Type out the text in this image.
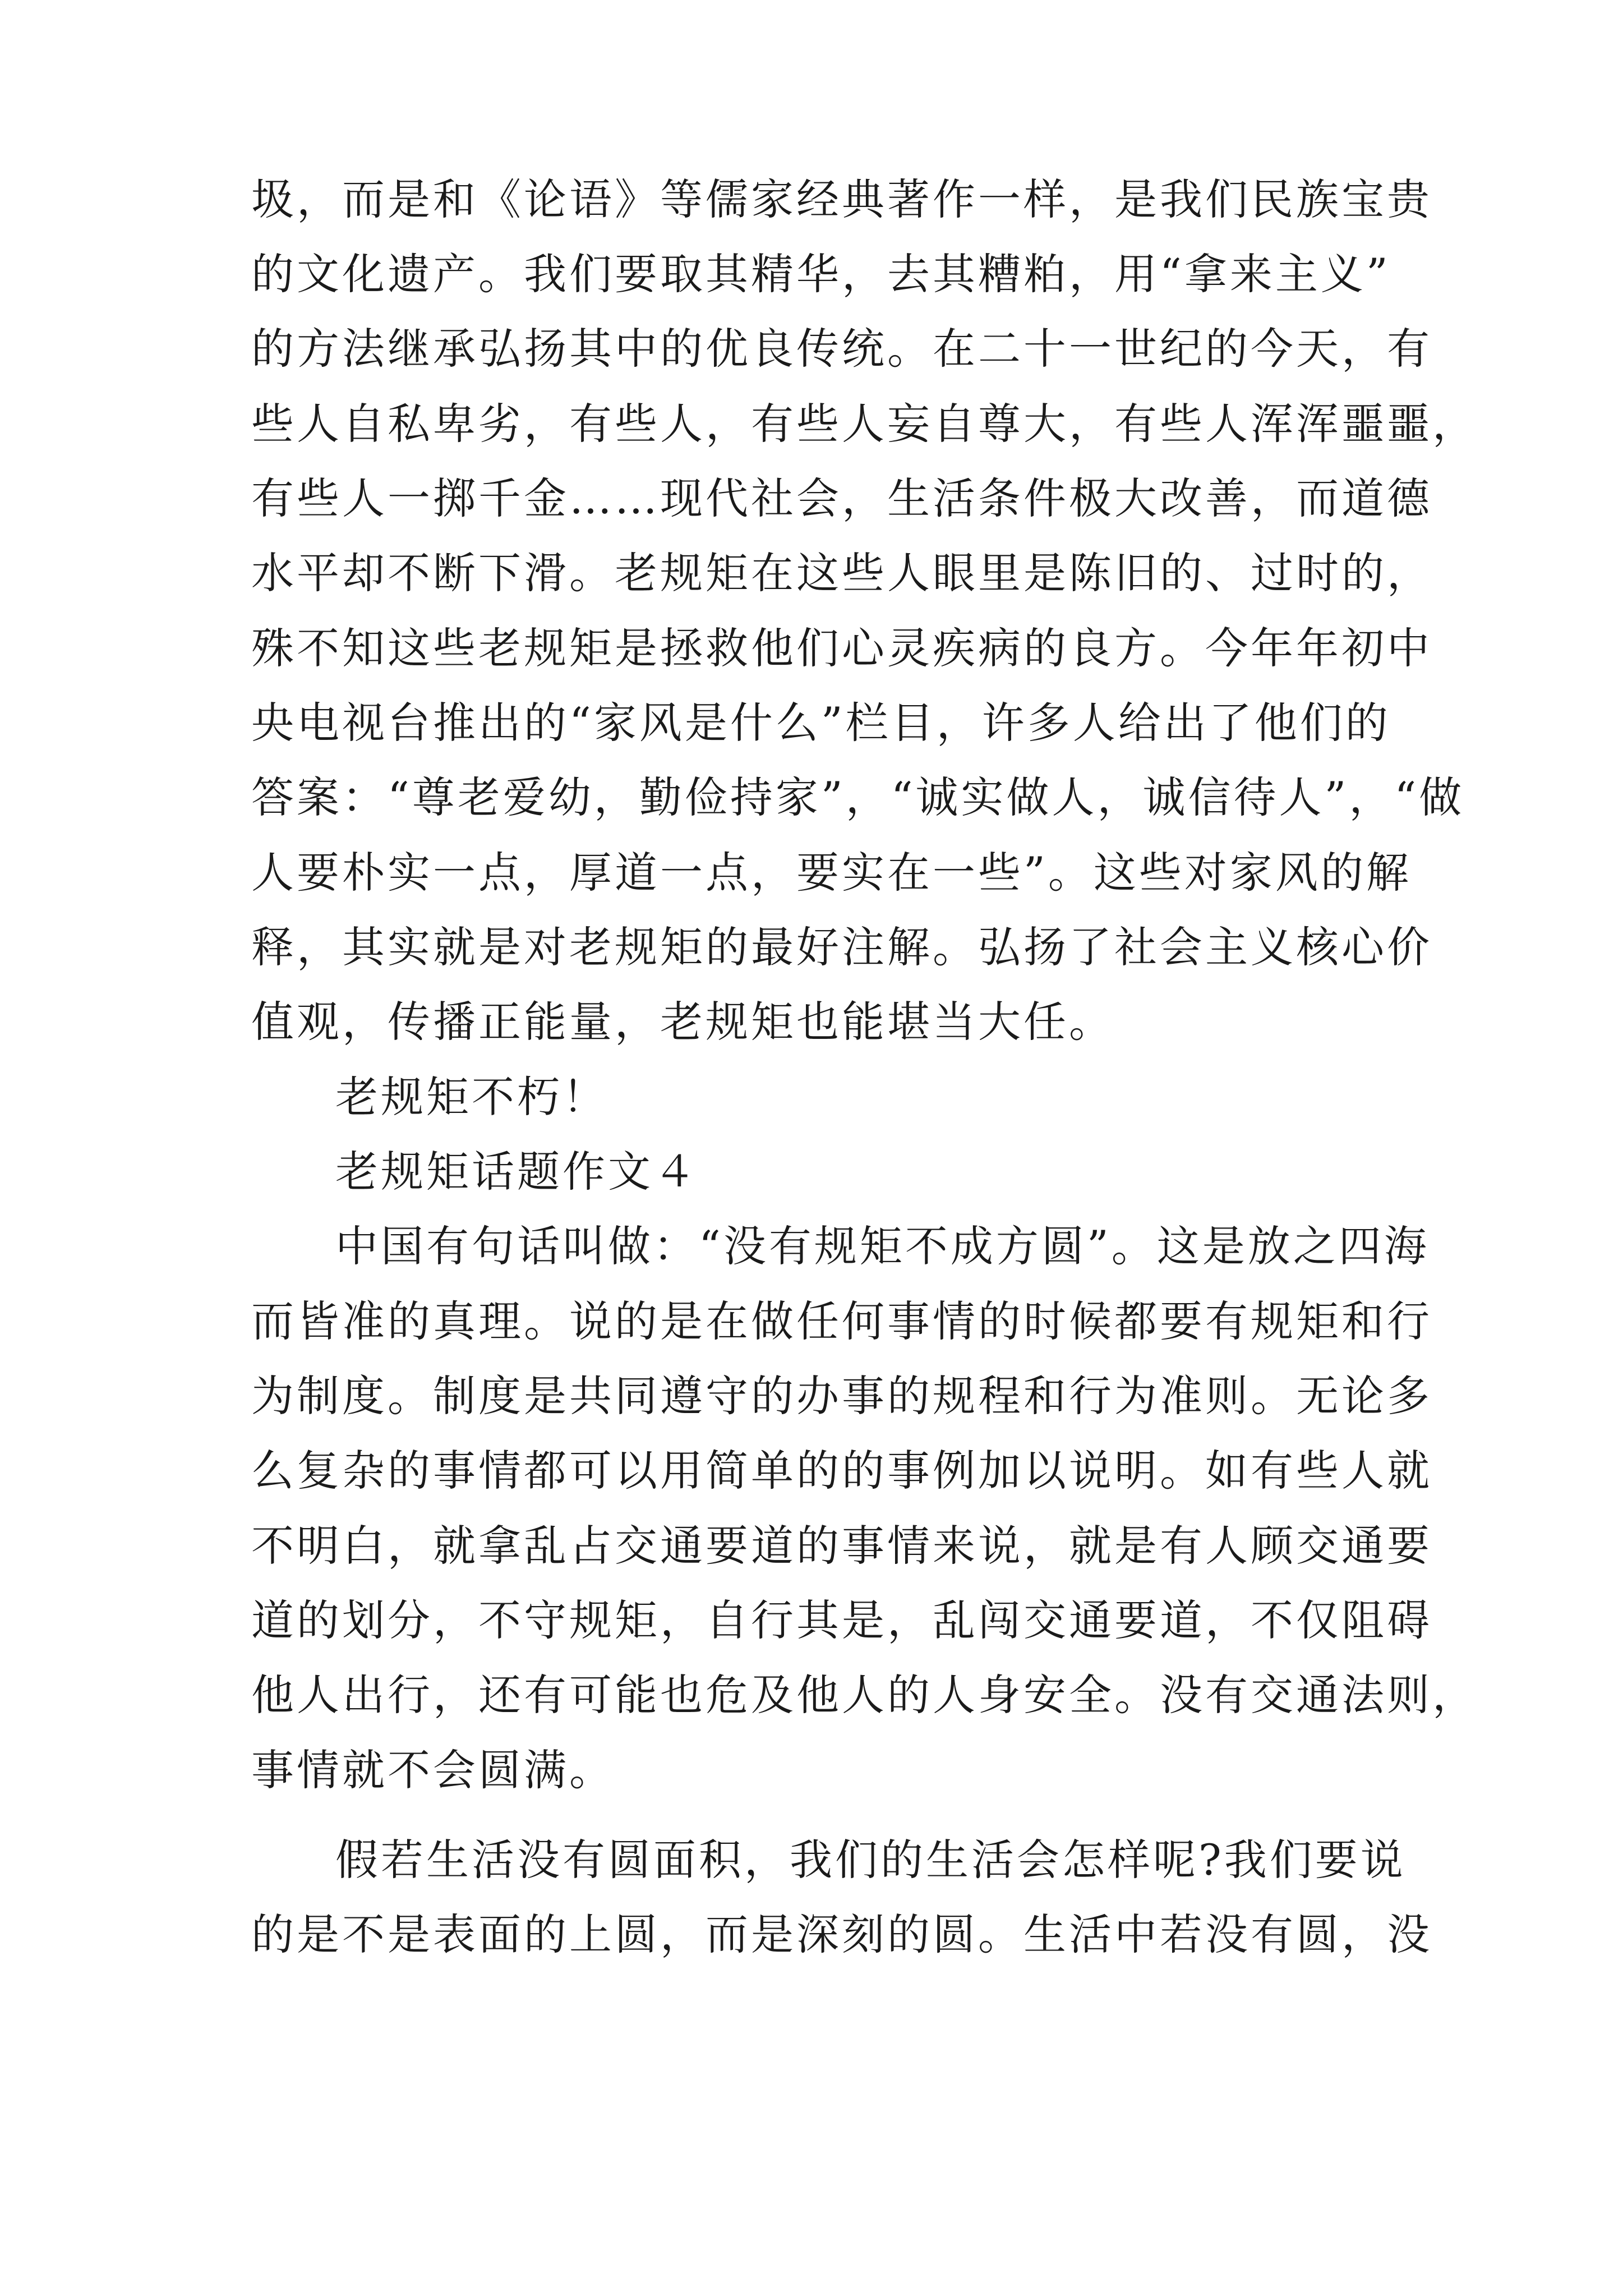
圾，而是和《论语》等儒家经典著作一样，是我们民族宝贵
的文化遗产。我们要取其精华，去其糟粕，用“拿来主义”
的方法继承弘扬其中的优良传统。在二十一世纪的今天，有
些人自私卑劣，有些人，有些人妄自尊大，有些人浑浑噩噩，
有些人一掷千金……现代社会，生活条件极大改善，而道德
水平却不断下滑。老规矩在这些人眼里是陈旧的、过时的，
殊不知这些老规矩是拯救他们心灵疾病的良方。今年年初中
央电视台推出的“家风是什么”栏目，许多人给出了他们的
答案：“尊老爱幼，勤俭持家”，“诚实做人，诚信待人”，“做
人要朴实一点，厚道一点，要实在一些”。这些对家风的解
释，其实就是对老规矩的最好注解。弘扬了社会主义核心价
值观，传播正能量，老规矩也能堪当大任。
老规矩不朽！
老规矩话题作文４
中国有句话叫做：“没有规矩不成方圆”。这是放之四海
而皆准的真理。说的是在做任何事情的时候都要有规矩和行
为制度。制度是共同遵守的办事的规程和行为准则。无论多
么复杂的事情都可以用简单的的事例加以说明。如有些人就
不明白，就拿乱占交通要道的事情来说，就是有人顾交通要
道的划分，不守规矩，自行其是，乱闯交通要道，不仅阻碍
他人出行，还有可能也危及他人的人身安全。没有交通法则，
事情就不会圆满。
假若生活没有圆面积，我们的生活会怎样呢?我们要说
的是不是表面的上圆，而是深刻的圆。生活中若没有圆，没
